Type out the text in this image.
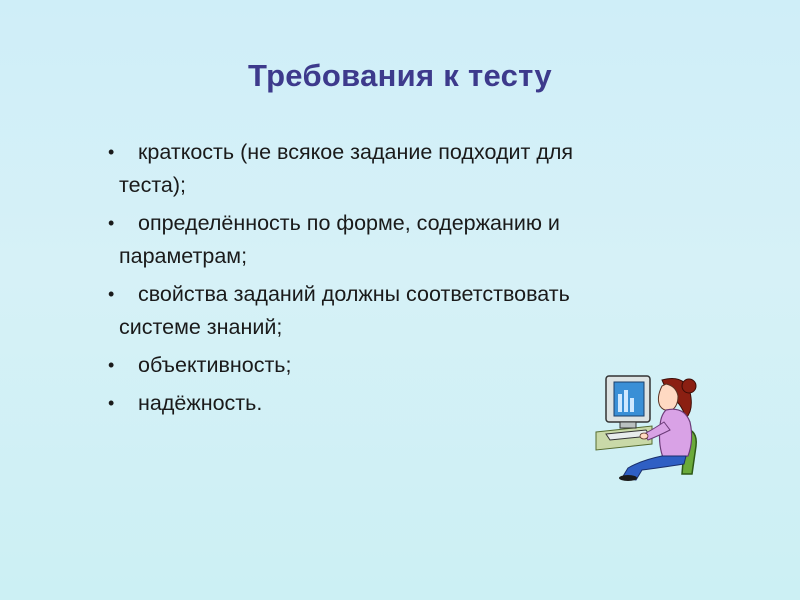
Требования к тесту
• краткость (не всякое задание подходит для
теста);
• определённость по форме, содержанию и
параметрам;
• свойства заданий должны соответствовать
системе знаний;
• объективность;
• надёжность.
